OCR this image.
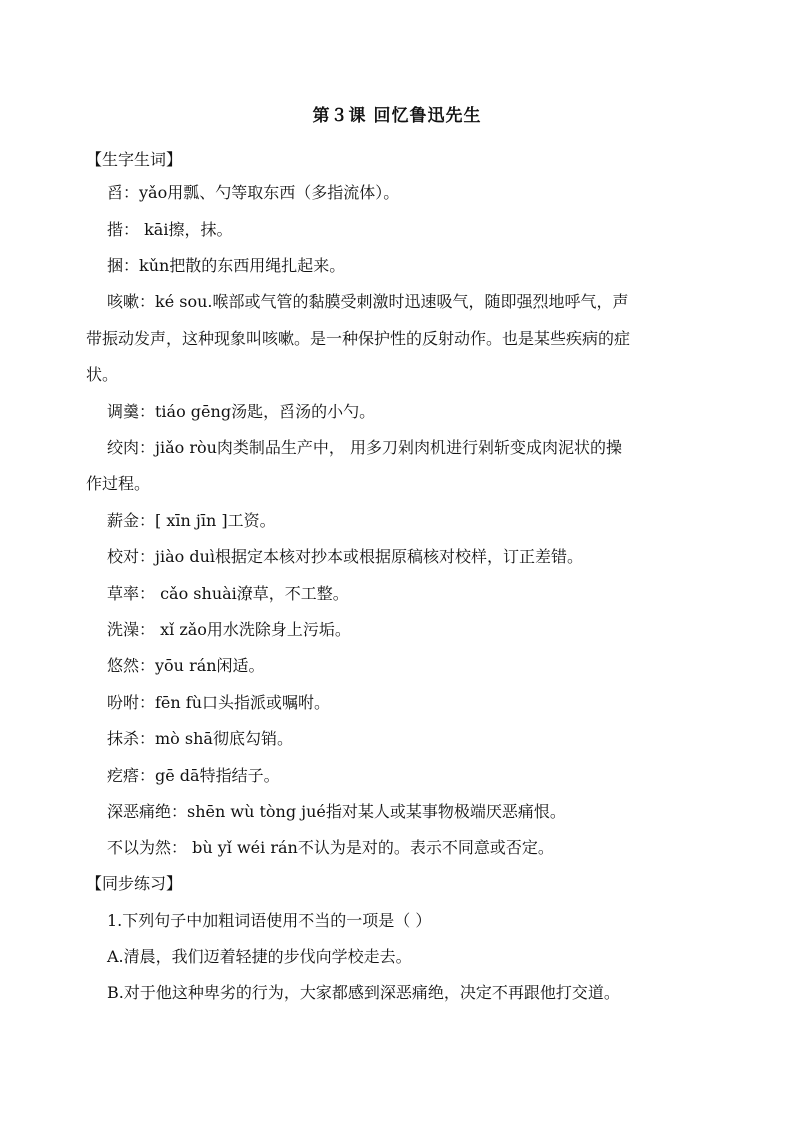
第３课 回忆鲁迅先生
【生字生词】
舀：yǎo用瓢、勺等取东西（多指流体）。
揩： kāi擦，抹。
捆：kǔn把散的东西用绳扎起来。
咳嗽：ké sou.喉部或气管的黏膜受刺激时迅速吸气，随即强烈地呼气，声
带振动发声，这种现象叫咳嗽。是一种保护性的反射动作。也是某些疾病的症
状。
调羹：tiáo gēng汤匙，舀汤的小勺。
绞肉：jiǎo ròu肉类制品生产中， 用多刀剁肉机进行剁斩变成肉泥状的操
作过程。
薪金：[ xīn jīn ]工资。
校对：jiào duì根据定本核对抄本或根据原稿核对校样，订正差错。
草率： cǎo shuài潦草，不工整。
洗澡： xǐ zǎo用水洗除身上污垢。
悠然：yōu rán闲适。
吩咐：fēn fù口头指派或嘱咐。
抹杀：mò shā彻底勾销。
疙瘩：gē dā特指结子。
深恶痛绝：shēn wù tòng jué指对某人或某事物极端厌恶痛恨。
不以为然： bù yǐ wéi rán不认为是对的。表示不同意或否定。
【同步练习】
1.下列句子中加粗词语使用不当的一项是（ ）
A.清晨，我们迈着轻捷的步伐向学校走去。
B.对于他这种卑劣的行为，大家都感到深恶痛绝，决定不再跟他打交道。
